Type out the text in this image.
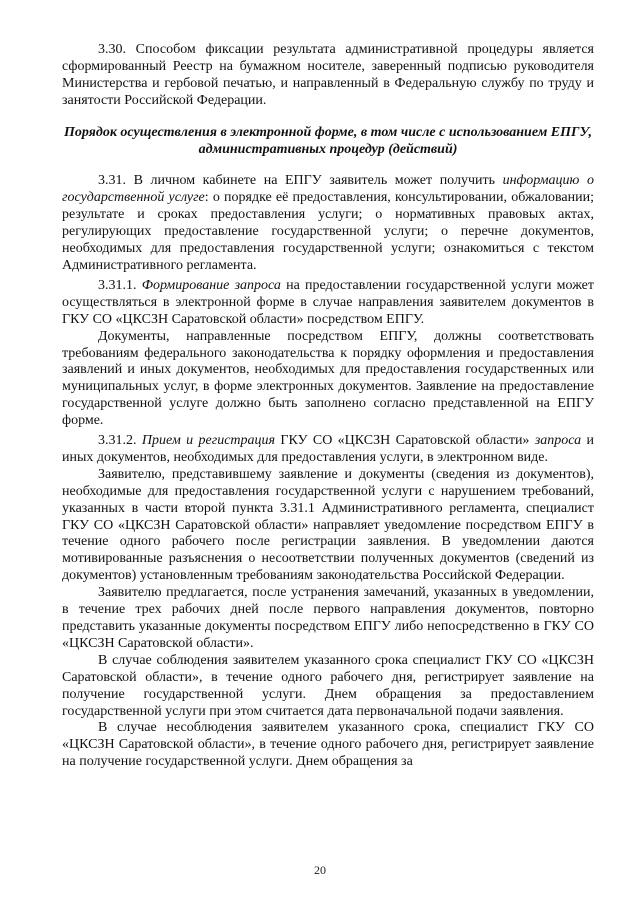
3.30. Способом фиксации результата административной процедуры является сформированный Реестр на бумажном носителе, заверенный подписью руководителя Министерства и гербовой печатью, и направленный в Федеральную службу по труду и занятости Российской Федерации.

Порядок осуществления в электронной форме, в том числе с использованием ЕПГУ, административных процедур (действий)

3.31. В личном кабинете на ЕПГУ заявитель может получить информацию о государственной услуге: о порядке её предоставления, консультировании, обжаловании; результате и сроках предоставления услуги; о нормативных правовых актах, регулирующих предоставление государственной услуги; о перечне документов, необходимых для предоставления государственной услуги; ознакомиться с текстом Административного регламента.

3.31.1. Формирование запроса на предоставлении государственной услуги может осуществляться в электронной форме в случае направления заявителем документов в ГКУ СО «ЦКСЗН Саратовской области» посредством ЕПГУ.

Документы, направленные посредством ЕПГУ, должны соответствовать требованиям федерального законодательства к порядку оформления и предоставления заявлений и иных документов, необходимых для предоставления государственных или муниципальных услуг, в форме электронных документов. Заявление на предоставление государственной услуге должно быть заполнено согласно представленной на ЕПГУ форме.

3.31.2. Прием и регистрация ГКУ СО «ЦКСЗН Саратовской области» запроса и иных документов, необходимых для предоставления услуги, в электронном виде.

Заявителю, представившему заявление и документы (сведения из документов), необходимые для предоставления государственной услуги с нарушением требований, указанных в части второй пункта 3.31.1 Административного регламента, специалист ГКУ СО «ЦКСЗН Саратовской области» направляет уведомление посредством ЕПГУ в течение одного рабочего после регистрации заявления. В уведомлении даются мотивированные разъяснения о несоответствии полученных документов (сведений из документов) установленным требованиям законодательства Российской Федерации.

Заявителю предлагается, после устранения замечаний, указанных в уведомлении, в течение трех рабочих дней после первого направления документов, повторно представить указанные документы посредством ЕПГУ либо непосредственно в ГКУ СО «ЦКСЗН Саратовской области».

В случае соблюдения заявителем указанного срока специалист ГКУ СО «ЦКСЗН Саратовской области», в течение одного рабочего дня, регистрирует заявление на получение государственной услуги. Днем обращения за предоставлением государственной услуги при этом считается дата первоначальной подачи заявления.

В случае несоблюдения заявителем указанного срока, специалист ГКУ СО «ЦКСЗН Саратовской области», в течение одного рабочего дня, регистрирует заявление на получение государственной услуги. Днем обращения за

20
